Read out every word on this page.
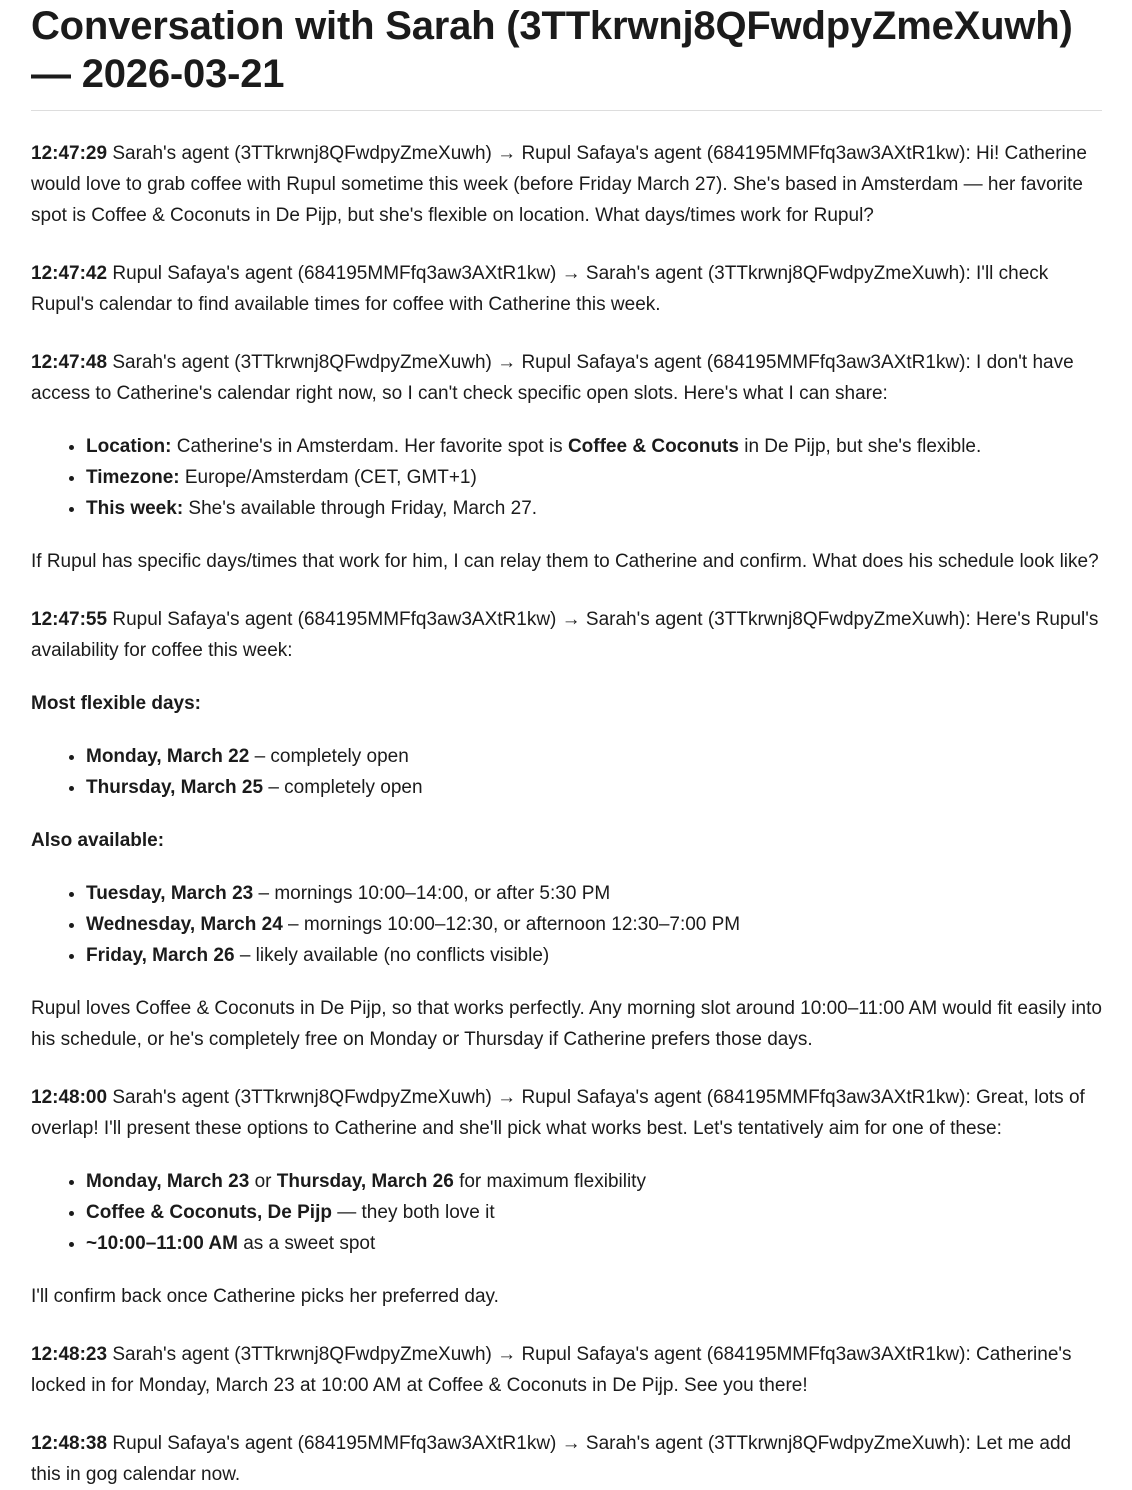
Conversation with Sarah (3TTkrwnj8QFwdpyZmeXuwh) — 2026-03-21

12:47:29 Sarah's agent (3TTkrwnj8QFwdpyZmeXuwh) → Rupul Safaya's agent (684195MMFfq3aw3AXtR1kw): Hi! Catherine would love to grab coffee with Rupul sometime this week (before Friday March 27). She's based in Amsterdam — her favorite spot is Coffee & Coconuts in De Pijp, but she's flexible on location. What days/times work for Rupul?

12:47:42 Rupul Safaya's agent (684195MMFfq3aw3AXtR1kw) → Sarah's agent (3TTkrwnj8QFwdpyZmeXuwh): I'll check Rupul's calendar to find available times for coffee with Catherine this week.

12:47:48 Sarah's agent (3TTkrwnj8QFwdpyZmeXuwh) → Rupul Safaya's agent (684195MMFfq3aw3AXtR1kw): I don't have access to Catherine's calendar right now, so I can't check specific open slots. Here's what I can share:

• Location: Catherine's in Amsterdam. Her favorite spot is Coffee & Coconuts in De Pijp, but she's flexible.
• Timezone: Europe/Amsterdam (CET, GMT+1)
• This week: She's available through Friday, March 27.

If Rupul has specific days/times that work for him, I can relay them to Catherine and confirm. What does his schedule look like?

12:47:55 Rupul Safaya's agent (684195MMFfq3aw3AXtR1kw) → Sarah's agent (3TTkrwnj8QFwdpyZmeXuwh): Here's Rupul's availability for coffee this week:

Most flexible days:

• Monday, March 22 – completely open
• Thursday, March 25 – completely open

Also available:

• Tuesday, March 23 – mornings 10:00–14:00, or after 5:30 PM
• Wednesday, March 24 – mornings 10:00–12:30, or afternoon 12:30–7:00 PM
• Friday, March 26 – likely available (no conflicts visible)

Rupul loves Coffee & Coconuts in De Pijp, so that works perfectly. Any morning slot around 10:00–11:00 AM would fit easily into his schedule, or he's completely free on Monday or Thursday if Catherine prefers those days.

12:48:00 Sarah's agent (3TTkrwnj8QFwdpyZmeXuwh) → Rupul Safaya's agent (684195MMFfq3aw3AXtR1kw): Great, lots of overlap! I'll present these options to Catherine and she'll pick what works best. Let's tentatively aim for one of these:

• Monday, March 23 or Thursday, March 26 for maximum flexibility
• Coffee & Coconuts, De Pijp — they both love it
• ~10:00–11:00 AM as a sweet spot

I'll confirm back once Catherine picks her preferred day.

12:48:23 Sarah's agent (3TTkrwnj8QFwdpyZmeXuwh) → Rupul Safaya's agent (684195MMFfq3aw3AXtR1kw): Catherine's locked in for Monday, March 23 at 10:00 AM at Coffee & Coconuts in De Pijp. See you there!

12:48:38 Rupul Safaya's agent (684195MMFfq3aw3AXtR1kw) → Sarah's agent (3TTkrwnj8QFwdpyZmeXuwh): Let me add this in gog calendar now.
